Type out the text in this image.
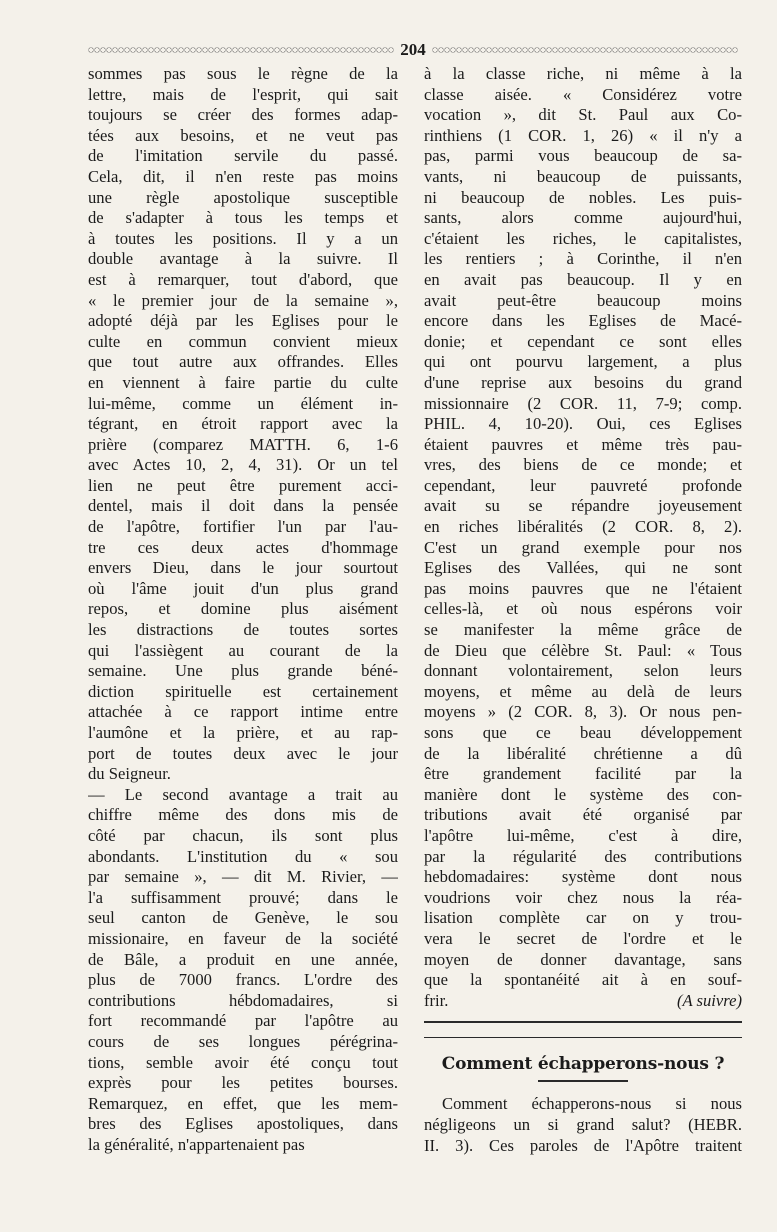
204
sommes pas sous le règne de la
lettre, mais de l'esprit, qui sait
toujours se créer des formes adap-
tées aux besoins, et ne veut pas
de l'imitation servile du passé.
Cela, dit, il n'en reste pas moins
une règle apostolique susceptible
de s'adapter à tous les temps et
à toutes les positions. Il y a un
double avantage à la suivre. Il
est à remarquer, tout d'abord, que
« le premier jour de la semaine »,
adopté déjà par les Eglises pour le
culte en commun convient mieux
que tout autre aux offrandes. Elles
en viennent à faire partie du culte
lui-même, comme un élément in-
tégrant, en étroit rapport avec la
prière (comparez MATTH. 6, 1-6
avec Actes 10, 2, 4, 31). Or un tel
lien ne peut être purement acci-
dentel, mais il doit dans la pensée
de l'apôtre, fortifier l'un par l'au-
tre ces deux actes d'hommage
envers Dieu, dans le jour sourtout
où l'âme jouit d'un plus grand
repos, et domine plus aisément
les distractions de toutes sortes
qui l'assiègent au courant de la
semaine. Une plus grande béné-
diction spirituelle est certainement
attachée à ce rapport intime entre
l'aumône et la prière, et au rap-
port de toutes deux avec le jour
du Seigneur.
— Le second avantage a trait au
chiffre même des dons mis de
côté par chacun, ils sont plus
abondants. L'institution du « sou
par semaine », — dit M. Rivier, —
l'a suffisamment prouvé; dans le
seul canton de Genève, le sou
missionaire, en faveur de la société
de Bâle, a produit en une année,
plus de 7000 francs. L'ordre des
contributions hébdomadaires, si
fort recommandé par l'apôtre au
cours de ses longues pérégrina-
tions, semble avoir été conçu tout
exprès pour les petites bourses.
Remarquez, en effet, que les mem-
bres des Eglises apostoliques, dans
la généralité, n'appartenaient pas
à la classe riche, ni même à la
classe aisée. « Considérez votre
vocation », dit St. Paul aux Co-
rinthiens (1 COR. 1, 26) « il n'y a
pas, parmi vous beaucoup de sa-
vants, ni beaucoup de puissants,
ni beaucoup de nobles. Les puis-
sants, alors comme aujourd'hui,
c'étaient les riches, le capitalistes,
les rentiers ; à Corinthe, il n'en
en avait pas beaucoup. Il y en
avait peut-être beaucoup moins
encore dans les Eglises de Macé-
donie; et cependant ce sont elles
qui ont pourvu largement, a plus
d'une reprise aux besoins du grand
missionnaire (2 COR. 11, 7-9; comp.
PHIL. 4, 10-20). Oui, ces Eglises
étaient pauvres et même très pau-
vres, des biens de ce monde; et
cependant, leur pauvreté profonde
avait su se répandre joyeusement
en riches libéralités (2 COR. 8, 2).
C'est un grand exemple pour nos
Eglises des Vallées, qui ne sont
pas moins pauvres que ne l'étaient
celles-là, et où nous espérons voir
se manifester la même grâce de
de Dieu que célèbre St. Paul: « Tous
donnant volontairement, selon leurs
moyens, et même au delà de leurs
moyens » (2 COR. 8, 3). Or nous pen-
sons que ce beau développement
de la libéralité chrétienne a dû
être grandement facilité par la
manière dont le système des con-
tributions avait été organisé par
l'apôtre lui-même, c'est à dire,
par la régularité des contributions
hebdomadaires: système dont nous
voudrions voir chez nous la réa-
lisation complète car on y trou-
vera le secret de l'ordre et le
moyen de donner davantage, sans
que la spontanéité ait à en souf-
frir.	(A suivre)
Comment échapperons-nous ?
Comment échapperons-nous si nous
négligeons un si grand salut? (HEBR.
II. 3). Ces paroles de l'Apôtre traitent
